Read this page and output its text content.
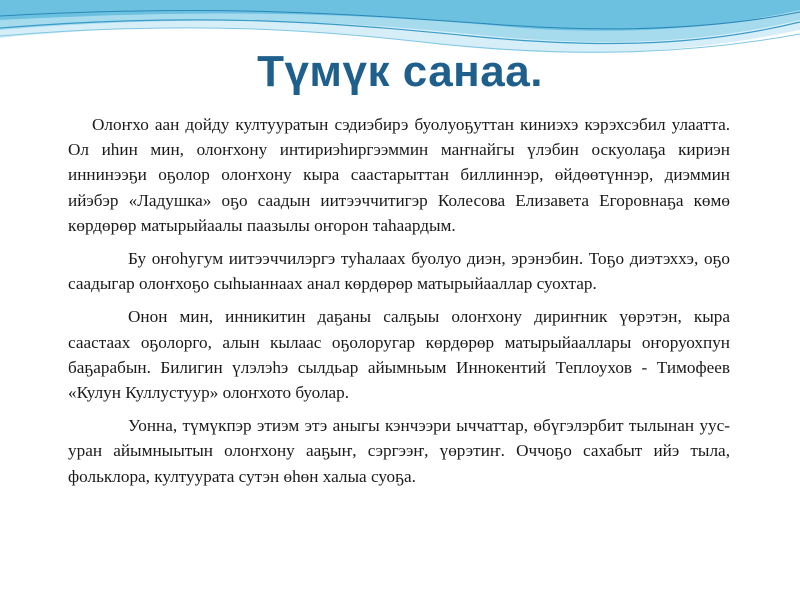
Түмүк санаа.

Олоҥхо аан дойду култууратын сэдиэбирэ буолуоҕуттан киниэхэ кэрэхсэбил улаатта. Ол иһин мин, олоҥхону интириэһиргээммин маҥнайгы үлэбин оскуолаҕа кириэн иннинээҕи оҕолор олоҥхону кыра саастарыттан биллиннэр, өйдөөтүннэр, диэммин ийэбэр «Ладушка» оҕо саадын иитээччитигэр Колесова Елизавета Егоровнаҕа көмө көрдөрөр матырыйаалы паазылы оҥорон таһаардым.

Бу оҥоһугум иитээччилэргэ туһалаах буолуо диэн, эрэнэбин. Тоҕо диэтэххэ, оҕо саадыгар олоҥхоҕо сыһыаннаах анал көрдөрөр матырыйааллар суохтар.

Онон мин, инникитин даҕаны салҕыы олоҥхону дириҥник үөрэтэн, кыра саастаах оҕолорго, алын кылаас оҕолоругар көрдөрөр матырыйааллары оҥоруохпун баҕарабын. Билигин үлэлэһэ сылдьар айымньым Иннокентий Теплоухов - Тимофеев «Кулун Куллустуур» олоҥхото буолар.

Уонна, түмүкпэр этиэм этэ аныгы кэнчээри ыччаттар, өбүгэлэрбит тылынан уус-уран айымныытын олоҥхону ааҕыҥ, сэргээҥ, үөрэтиҥ. Оччоҕо сахабыт ийэ тыла, фольклора, култуурата сутэн өһөн халыа суоҕа.
